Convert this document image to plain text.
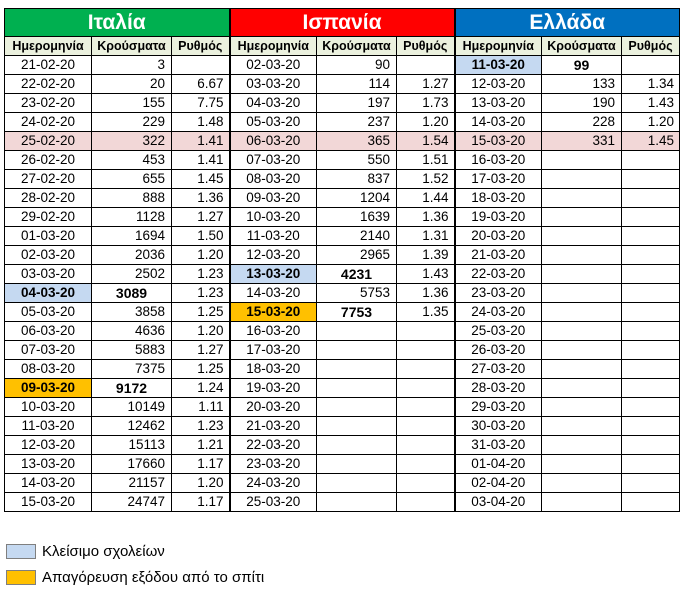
Ιταλία			Ισπανία			Ελλάδα		
Ημερομηνία	Κρούσματα	Ρυθμός	Ημερομηνία	Κρούσματα	Ρυθμός	Ημερομηνία	Κρούσματα	Ρυθμός
21-02-20	3		02-03-20	90		11-03-20	99	
22-02-20	20	6.67	03-03-20	114	1.27	12-03-20	133	1.34
23-02-20	155	7.75	04-03-20	197	1.73	13-03-20	190	1.43
24-02-20	229	1.48	05-03-20	237	1.20	14-03-20	228	1.20
25-02-20	322	1.41	06-03-20	365	1.54	15-03-20	331	1.45
26-02-20	453	1.41	07-03-20	550	1.51	16-03-20		
27-02-20	655	1.45	08-03-20	837	1.52	17-03-20		
28-02-20	888	1.36	09-03-20	1204	1.44	18-03-20		
29-02-20	1128	1.27	10-03-20	1639	1.36	19-03-20		
01-03-20	1694	1.50	11-03-20	2140	1.31	20-03-20		
02-03-20	2036	1.20	12-03-20	2965	1.39	21-03-20		
03-03-20	2502	1.23	13-03-20	4231	1.43	22-03-20		
04-03-20	3089	1.23	14-03-20	5753	1.36	23-03-20		
05-03-20	3858	1.25	15-03-20	7753	1.35	24-03-20		
06-03-20	4636	1.20	16-03-20			25-03-20		
07-03-20	5883	1.27	17-03-20			26-03-20		
08-03-20	7375	1.25	18-03-20			27-03-20		
09-03-20	9172	1.24	19-03-20			28-03-20		
10-03-20	10149	1.11	20-03-20			29-03-20		
11-03-20	12462	1.23	21-03-20			30-03-20		
12-03-20	15113	1.21	22-03-20			31-03-20		
13-03-20	17660	1.17	23-03-20			01-04-20		
14-03-20	21157	1.20	24-03-20			02-04-20		
15-03-20	24747	1.17	25-03-20			03-04-20		
Κλείσιμο σχολείων
Απαγόρευση εξόδου από το σπίτι
